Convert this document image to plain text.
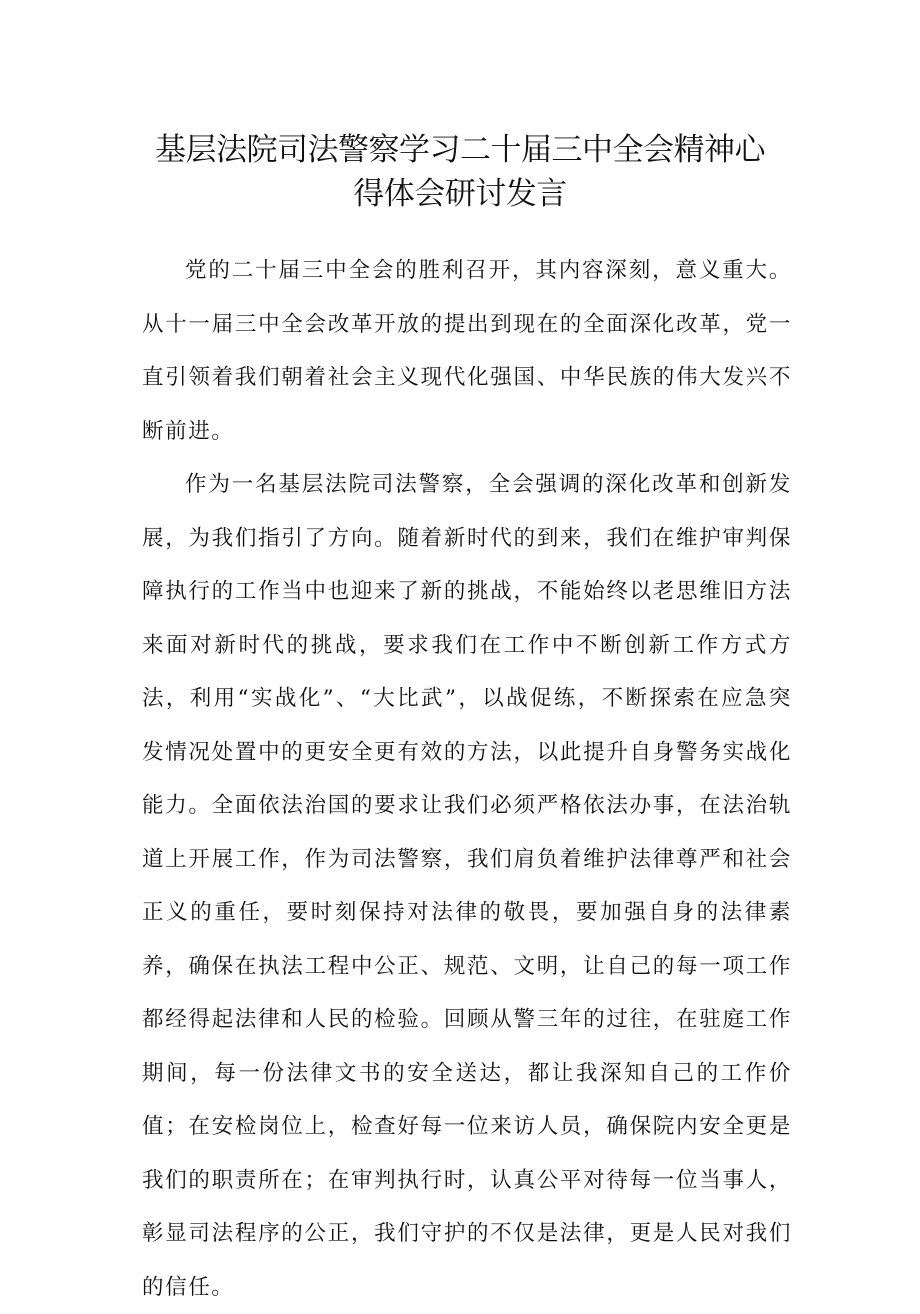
基层法院司法警察学习二十届三中全会精神心
得体会研讨发言

党的二十届三中全会的胜利召开，其内容深刻，意义重大。从十一届三中全会改革开放的提出到现在的全面深化改革，党一直引领着我们朝着社会主义现代化强国、中华民族的伟大发兴不断前进。

作为一名基层法院司法警察，全会强调的深化改革和创新发展，为我们指引了方向。随着新时代的到来，我们在维护审判保障执行的工作当中也迎来了新的挑战，不能始终以老思维旧方法来面对新时代的挑战，要求我们在工作中不断创新工作方式方法，利用“实战化”、“大比武”，以战促练，不断探索在应急突发情况处置中的更安全更有效的方法，以此提升自身警务实战化能力。全面依法治国的要求让我们必须严格依法办事，在法治轨道上开展工作，作为司法警察，我们肩负着维护法律尊严和社会正义的重任，要时刻保持对法律的敬畏，要加强自身的法律素养，确保在执法工程中公正、规范、文明，让自己的每一项工作都经得起法律和人民的检验。回顾从警三年的过往，在驻庭工作期间，每一份法律文书的安全送达，都让我深知自己的工作价值；在安检岗位上，检查好每一位来访人员，确保院内安全更是我们的职责所在；在审判执行时，认真公平对待每一位当事人，彰显司法程序的公正，我们守护的不仅是法律，更是人民对我们的信任。
